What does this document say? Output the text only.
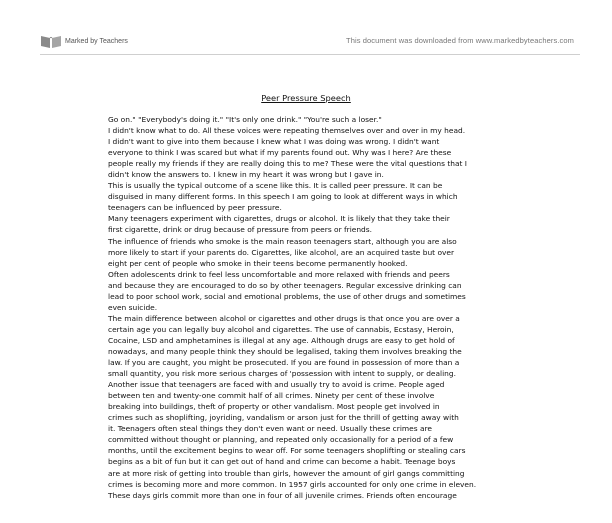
Marked by Teachers	This document was downloaded from www.markedbyteachers.com
Peer Pressure Speech
Go on." "Everybody's doing it." "It's only one drink." "You're such a loser."
I didn't know what to do. All these voices were repeating themselves over and over in my head.
I didn't want to give into them because I knew what I was doing was wrong. I didn't want
everyone to think I was scared but what if my parents found out. Why was I here? Are these
people really my friends if they are really doing this to me? These were the vital questions that I
didn't know the answers to. I knew in my heart it was wrong but I gave in.
This is usually the typical outcome of a scene like this. It is called peer pressure. It can be
disguised in many different forms. In this speech I am going to look at different ways in which
teenagers can be influenced by peer pressure.
Many teenagers experiment with cigarettes, drugs or alcohol. It is likely that they take their
first cigarette, drink or drug because of pressure from peers or friends.
The influence of friends who smoke is the main reason teenagers start, although you are also
more likely to start if your parents do. Cigarettes, like alcohol, are an acquired taste but over
eight per cent of people who smoke in their teens become permanently hooked.
Often adolescents drink to feel less uncomfortable and more relaxed with friends and peers
and because they are encouraged to do so by other teenagers. Regular excessive drinking can
lead to poor school work, social and emotional problems, the use of other drugs and sometimes
even suicide.
The main difference between alcohol or cigarettes and other drugs is that once you are over a
certain age you can legally buy alcohol and cigarettes. The use of cannabis, Ecstasy, Heroin,
Cocaine, LSD and amphetamines is illegal at any age. Although drugs are easy to get hold of
nowadays, and many people think they should be legalised, taking them involves breaking the
law. If you are caught, you might be prosecuted. If you are found in possession of more than a
small quantity, you risk more serious charges of 'possession with intent to supply, or dealing.
Another issue that teenagers are faced with and usually try to avoid is crime. People aged
between ten and twenty-one commit half of all crimes. Ninety per cent of these involve
breaking into buildings, theft of property or other vandalism. Most people get involved in
crimes such as shoplifting, joyriding, vandalism or arson just for the thrill of getting away with
it. Teenagers often steal things they don't even want or need. Usually these crimes are
committed without thought or planning, and repeated only occasionally for a period of a few
months, until the excitement begins to wear off. For some teenagers shoplifting or stealing cars
begins as a bit of fun but it can get out of hand and crime can become a habit. Teenage boys
are at more risk of getting into trouble than girls, however the amount of girl gangs committing
crimes is becoming more and more common. In 1957 girls accounted for only one crime in eleven.
These days girls commit more than one in four of all juvenile crimes. Friends often encourage
